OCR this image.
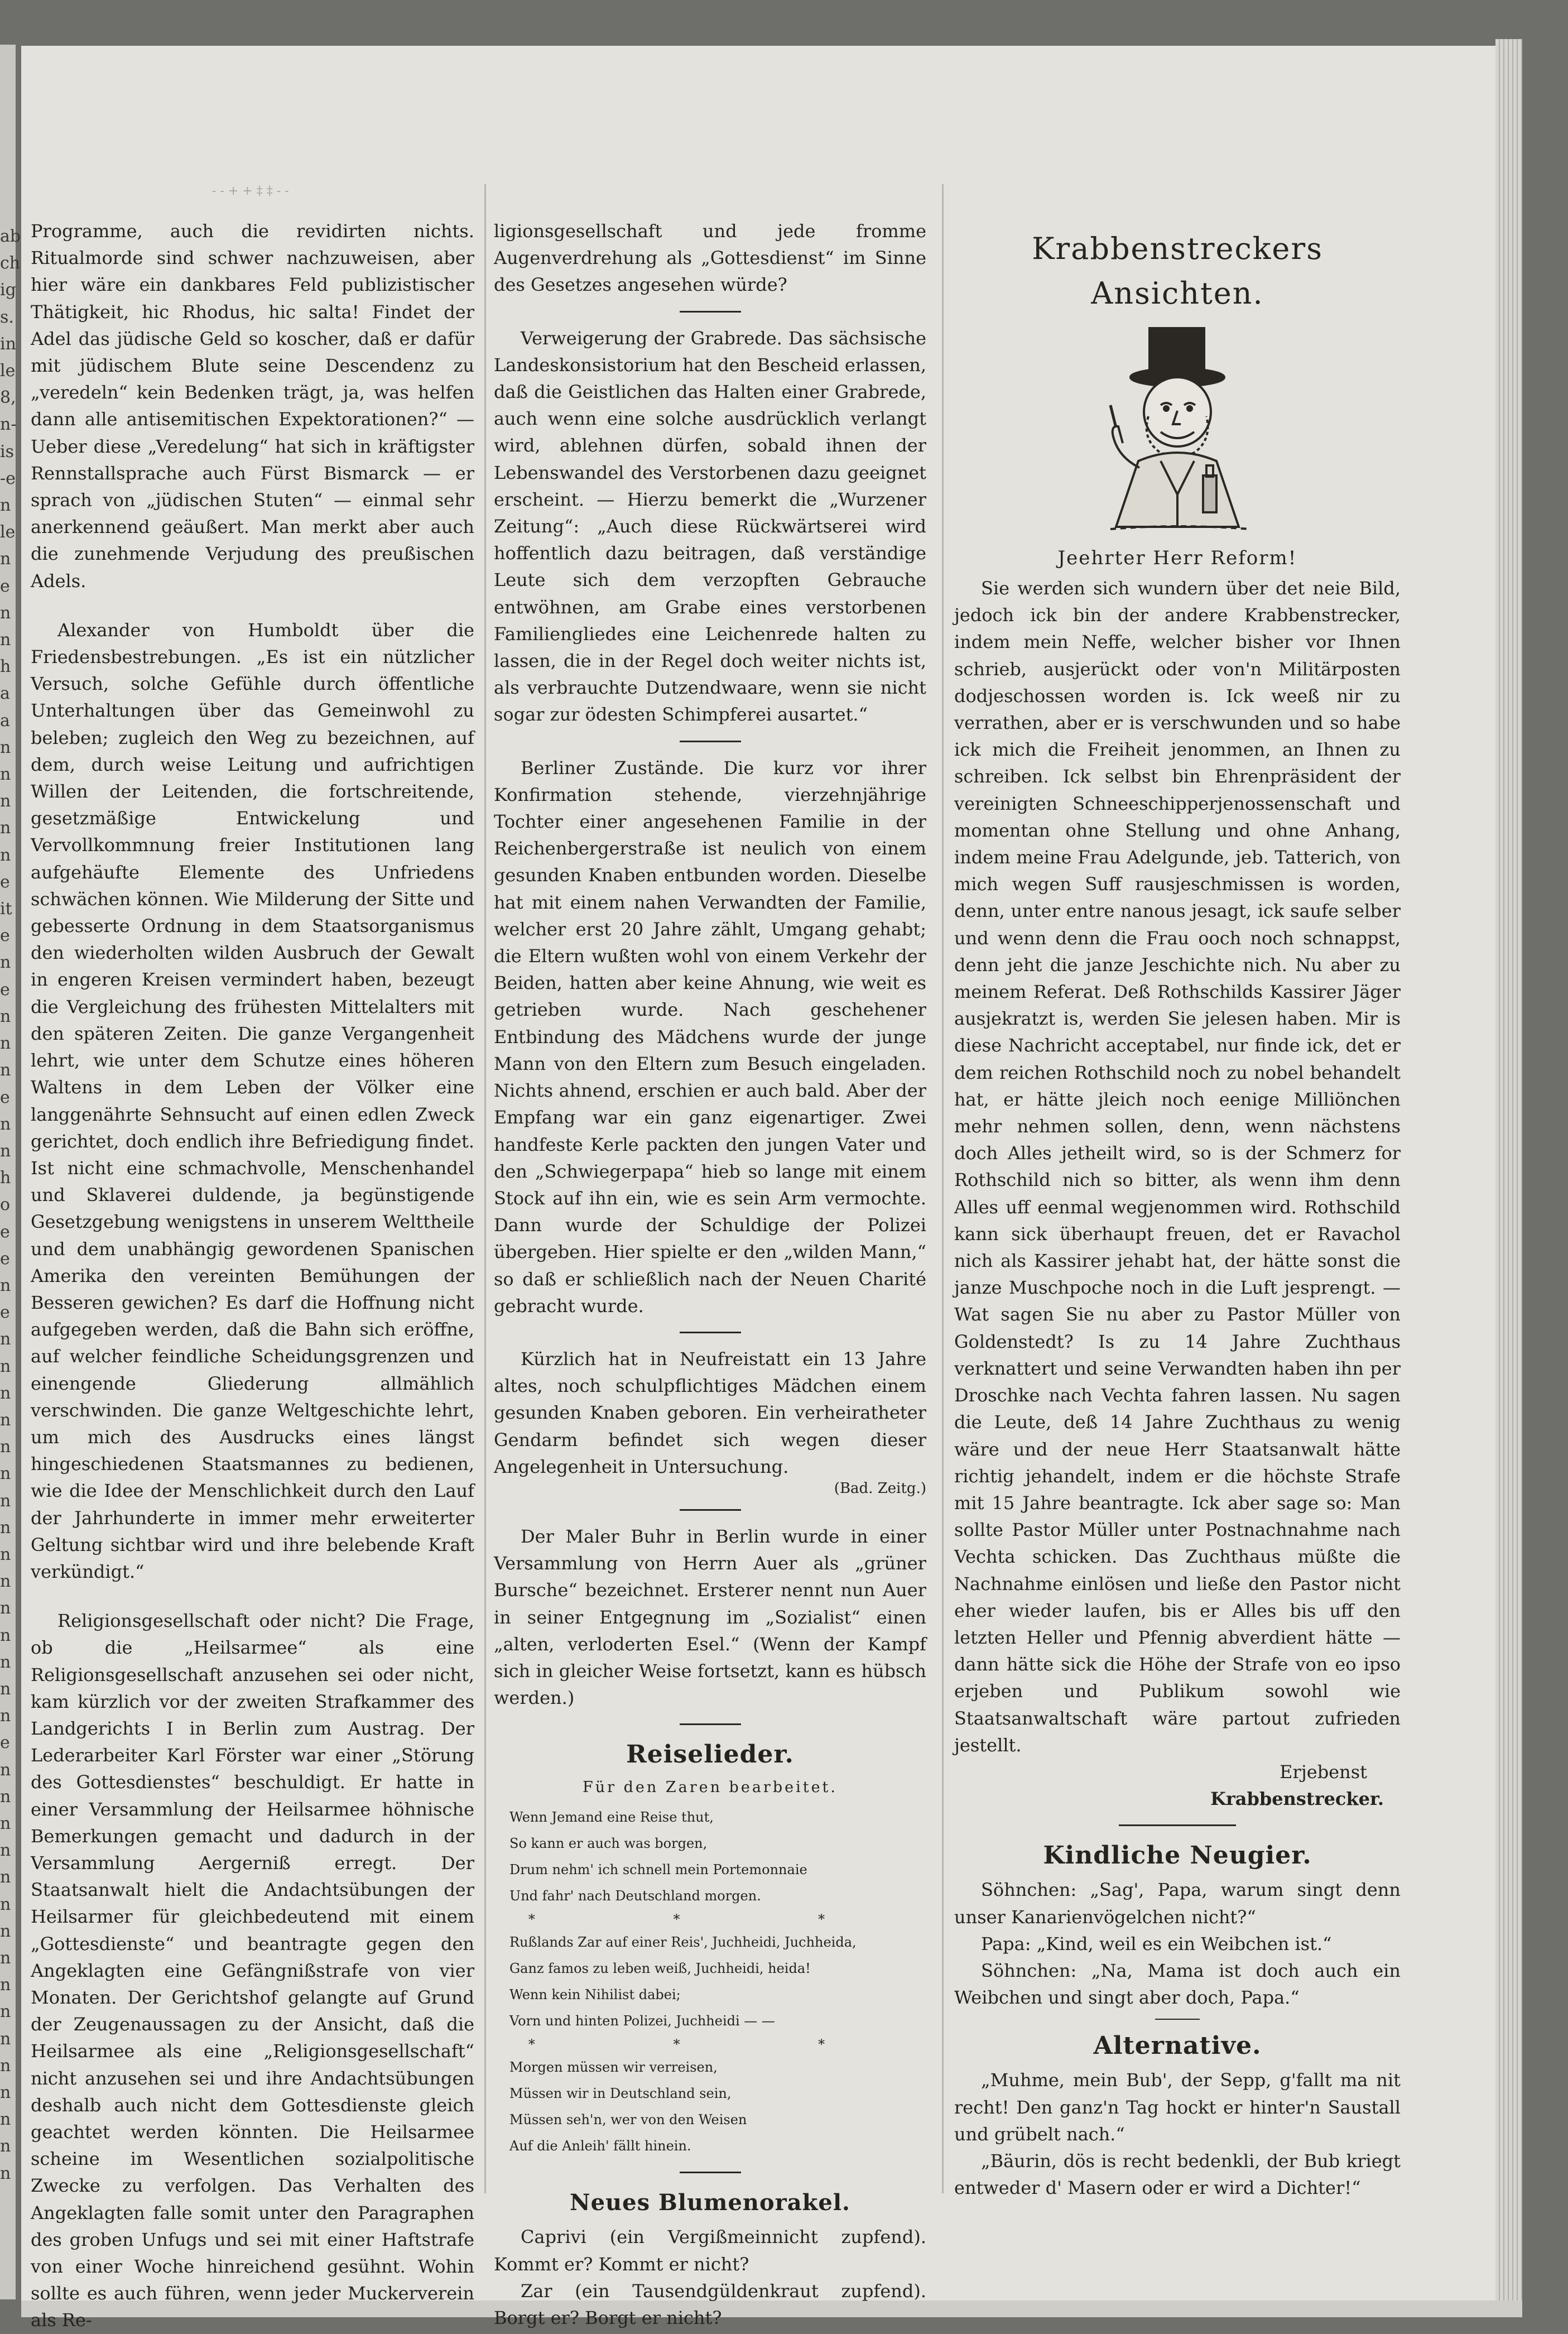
ab
ch
ig
s.
in
le
8,
n-
is
-e
n
le
n
e
n
n
h
a
a
n
n
n
n
n
e
it
e
n
e
n
n
n
e
n
n
h
o
e
e
n
e
n
n
n
n
n
n
n
n
n
n
n
n
n
n
n
e
n
n
n
n
n
n
n
n
n
n
n
n
n
n
n
n
- - + + ‡ ‡ - -

Programme, auch die revidirten nichts. Ritualmorde sind schwer nachzuweisen, aber hier wäre ein dankbares Feld publizistischer Thätigkeit, hic Rhodus, hic salta! Findet der Adel das jüdische Geld so koscher, daß er dafür mit jüdischem Blute seine Descendenz zu „veredeln“ kein Bedenken trägt, ja, was helfen dann alle antisemitischen Expektorationen?“ — Ueber diese „Veredelung“ hat sich in kräftigster Rennstallsprache auch Fürst Bismarck — er sprach von „jüdischen Stuten“ — einmal sehr anerkennend geäußert. Man merkt aber auch die zunehmende Verjudung des preußischen Adels.

Alexander von Humboldt über die Friedensbestrebungen. „Es ist ein nützlicher Versuch, solche Gefühle durch öffentliche Unterhaltungen über das Gemeinwohl zu beleben; zugleich den Weg zu bezeichnen, auf dem, durch weise Leitung und aufrichtigen Willen der Leitenden, die fortschreitende, gesetzmäßige Entwickelung und Vervollkommnung freier Institutionen lang aufgehäufte Elemente des Unfriedens schwächen können. Wie Milderung der Sitte und gebesserte Ordnung in dem Staatsorganismus den wiederholten wilden Ausbruch der Gewalt in engeren Kreisen vermindert haben, bezeugt die Vergleichung des frühesten Mittelalters mit den späteren Zeiten. Die ganze Vergangenheit lehrt, wie unter dem Schutze eines höheren Waltens in dem Leben der Völker eine langgenährte Sehnsucht auf einen edlen Zweck gerichtet, doch endlich ihre Befriedigung findet. Ist nicht eine schmachvolle, Menschenhandel und Sklaverei duldende, ja begünstigende Gesetzgebung wenigstens in unserem Welttheile und dem unabhängig gewordenen Spanischen Amerika den vereinten Bemühungen der Besseren gewichen? Es darf die Hoffnung nicht aufgegeben werden, daß die Bahn sich eröffne, auf welcher feindliche Scheidungsgrenzen und einengende Gliederung allmählich verschwinden. Die ganze Weltgeschichte lehrt, um mich des Ausdrucks eines längst hingeschiedenen Staatsmannes zu bedienen, wie die Idee der Menschlichkeit durch den Lauf der Jahrhunderte in immer mehr erweiterter Geltung sichtbar wird und ihre belebende Kraft verkündigt.“

Religionsgesellschaft oder nicht? Die Frage, ob die „Heilsarmee“ als eine Religionsgesellschaft anzusehen sei oder nicht, kam kürzlich vor der zweiten Strafkammer des Landgerichts I in Berlin zum Austrag. Der Lederarbeiter Karl Förster war einer „Störung des Gottesdienstes“ beschuldigt. Er hatte in einer Versammlung der Heilsarmee höhnische Bemerkungen gemacht und dadurch in der Versammlung Aergerniß erregt. Der Staatsanwalt hielt die Andachtsübungen der Heilsarmer für gleichbedeutend mit einem „Gottesdienste“ und beantragte gegen den Angeklagten eine Gefängnißstrafe von vier Monaten. Der Gerichtshof gelangte auf Grund der Zeugenaussagen zu der Ansicht, daß die Heilsarmee als eine „Religionsgesellschaft“ nicht anzusehen sei und ihre Andachtsübungen deshalb auch nicht dem Gottesdienste gleich geachtet werden könnten. Die Heilsarmee scheine im Wesentlichen sozialpolitische Zwecke zu verfolgen. Das Verhalten des Angeklagten falle somit unter den Paragraphen des groben Unfugs und sei mit einer Haftstrafe von einer Woche hinreichend gesühnt. Wohin sollte es auch führen, wenn jeder Muckerverein als Re-

ligionsgesellschaft und jede fromme Augenverdrehung als „Gottesdienst“ im Sinne des Gesetzes angesehen würde?

Verweigerung der Grabrede. Das sächsische Landeskonsistorium hat den Bescheid erlassen, daß die Geistlichen das Halten einer Grabrede, auch wenn eine solche ausdrücklich verlangt wird, ablehnen dürfen, sobald ihnen der Lebenswandel des Verstorbenen dazu geeignet erscheint. — Hierzu bemerkt die „Wurzener Zeitung“: „Auch diese Rückwärtserei wird hoffentlich dazu beitragen, daß verständige Leute sich dem verzopften Gebrauche entwöhnen, am Grabe eines verstorbenen Familiengliedes eine Leichenrede halten zu lassen, die in der Regel doch weiter nichts ist, als verbrauchte Dutzendwaare, wenn sie nicht sogar zur ödesten Schimpferei ausartet.“

Berliner Zustände. Die kurz vor ihrer Konfirmation stehende, vierzehnjährige Tochter einer angesehenen Familie in der Reichenbergerstraße ist neulich von einem gesunden Knaben entbunden worden. Dieselbe hat mit einem nahen Verwandten der Familie, welcher erst 20 Jahre zählt, Umgang gehabt; die Eltern wußten wohl von einem Verkehr der Beiden, hatten aber keine Ahnung, wie weit es getrieben wurde. Nach geschehener Entbindung des Mädchens wurde der junge Mann von den Eltern zum Besuch eingeladen. Nichts ahnend, erschien er auch bald. Aber der Empfang war ein ganz eigenartiger. Zwei handfeste Kerle packten den jungen Vater und den „Schwiegerpapa“ hieb so lange mit einem Stock auf ihn ein, wie es sein Arm vermochte. Dann wurde der Schuldige der Polizei übergeben. Hier spielte er den „wilden Mann,“ so daß er schließlich nach der Neuen Charité gebracht wurde.

Kürzlich hat in Neufreistatt ein 13 Jahre altes, noch schulpflichtiges Mädchen einem gesunden Knaben geboren. Ein verheiratheter Gendarm befindet sich wegen dieser Angelegenheit in Untersuchung.

(Bad. Zeitg.)

Der Maler Buhr in Berlin wurde in einer Versammlung von Herrn Auer als „grüner Bursche“ bezeichnet. Ersterer nennt nun Auer in seiner Entgegnung im „Sozialist“ einen „alten, verloderten Esel.“ (Wenn der Kampf sich in gleicher Weise fortsetzt, kann es hübsch werden.)

Reiselieder.
Für den Zaren bearbeitet.
Wenn Jemand eine Reise thut,
So kann er auch was borgen,
Drum nehm' ich schnell mein Portemonnaie
Und fahr' nach Deutschland morgen.
* * *
Rußlands Zar auf einer Reis', Juchheidi, Juchheida,
Ganz famos zu leben weiß, Juchheidi, heida!
Wenn kein Nihilist dabei;
Vorn und hinten Polizei, Juchheidi — —
* * *
Morgen müssen wir verreisen,
Müssen wir in Deutschland sein,
Müssen seh'n, wer von den Weisen
Auf die Anleih' fällt hinein.
Neues Blumenorakel.

Caprivi (ein Vergißmeinnicht zupfend). Kommt er? Kommt er nicht?

Zar (ein Tausendgüldenkraut zupfend). Borgt er? Borgt er nicht?

Krabbenstreckers Ansichten.
Jeehrter Herr Reform!

Sie werden sich wundern über det neie Bild, jedoch ick bin der andere Krabbenstrecker, indem mein Neffe, welcher bisher vor Ihnen schrieb, ausjerückt oder von'n Militärposten dodjeschossen worden is. Ick weeß nir zu verrathen, aber er is verschwunden und so habe ick mich die Freiheit jenommen, an Ihnen zu schreiben. Ick selbst bin Ehrenpräsident der vereinigten Schneeschipperjenossenschaft und momentan ohne Stellung und ohne Anhang, indem meine Frau Adelgunde, jeb. Tatterich, von mich wegen Suff rausjeschmissen is worden, denn, unter entre nanous jesagt, ick saufe selber und wenn denn die Frau ooch noch schnappst, denn jeht die janze Jeschichte nich. Nu aber zu meinem Referat. Deß Rothschilds Kassirer Jäger ausjekratzt is, werden Sie jelesen haben. Mir is diese Nachricht acceptabel, nur finde ick, det er dem reichen Rothschild noch zu nobel behandelt hat, er hätte jleich noch eenige Milliönchen mehr nehmen sollen, denn, wenn nächstens doch Alles jetheilt wird, so is der Schmerz for Rothschild nich so bitter, als wenn ihm denn Alles uff eenmal wegjenommen wird. Rothschild kann sick überhaupt freuen, det er Ravachol nich als Kassirer jehabt hat, der hätte sonst die janze Muschpoche noch in die Luft jesprengt. — Wat sagen Sie nu aber zu Pastor Müller von Goldenstedt? Is zu 14 Jahre Zuchthaus verknattert und seine Verwandten haben ihn per Droschke nach Vechta fahren lassen. Nu sagen die Leute, deß 14 Jahre Zuchthaus zu wenig wäre und der neue Herr Staatsanwalt hätte richtig jehandelt, indem er die höchste Strafe mit 15 Jahre beantragte. Ick aber sage so: Man sollte Pastor Müller unter Postnachnahme nach Vechta schicken. Das Zuchthaus müßte die Nachnahme einlösen und ließe den Pastor nicht eher wieder laufen, bis er Alles bis uff den letzten Heller und Pfennig abverdient hätte — dann hätte sick die Höhe der Strafe von eo ipso erjeben und Publikum sowohl wie Staatsanwaltschaft wäre partout zufrieden jestellt.

Erjebenst
Krabbenstrecker.
Kindliche Neugier.

Söhnchen: „Sag', Papa, warum singt denn unser Kanarienvögelchen nicht?“

Papa: „Kind, weil es ein Weibchen ist.“

Söhnchen: „Na, Mama ist doch auch ein Weibchen und singt aber doch, Papa.“

Alternative.

„Muhme, mein Bub', der Sepp, g'fallt ma nit recht! Den ganz'n Tag hockt er hinter'n Saustall und grübelt nach.“

„Bäurin, dös is recht bedenkli, der Bub kriegt entweder d' Masern oder er wird a Dichter!“
